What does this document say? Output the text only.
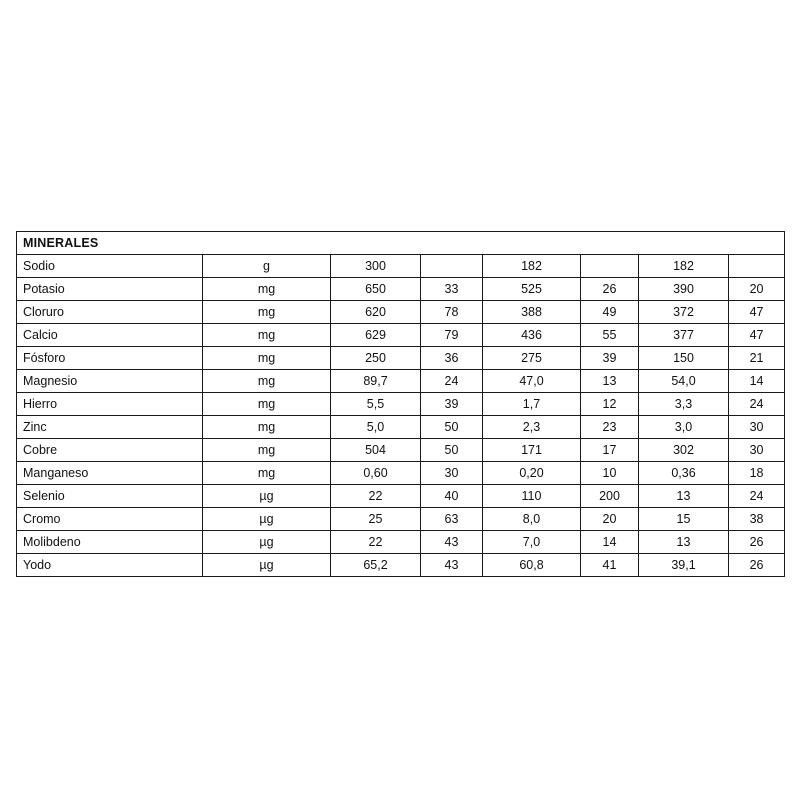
MINERALES							
Sodio	g	300		182		182	
Potasio	mg	650	33	525	26	390	20
Cloruro	mg	620	78	388	49	372	47
Calcio	mg	629	79	436	55	377	47
Fósforo	mg	250	36	275	39	150	21
Magnesio	mg	89,7	24	47,0	13	54,0	14
Hierro	mg	5,5	39	1,7	12	3,3	24
Zinc	mg	5,0	50	2,3	23	3,0	30
Cobre	mg	504	50	171	17	302	30
Manganeso	mg	0,60	30	0,20	10	0,36	18
Selenio	µg	22	40	110	200	13	24
Cromo	µg	25	63	8,0	20	15	38
Molibdeno	µg	22	43	7,0	14	13	26
Yodo	µg	65,2	43	60,8	41	39,1	26
